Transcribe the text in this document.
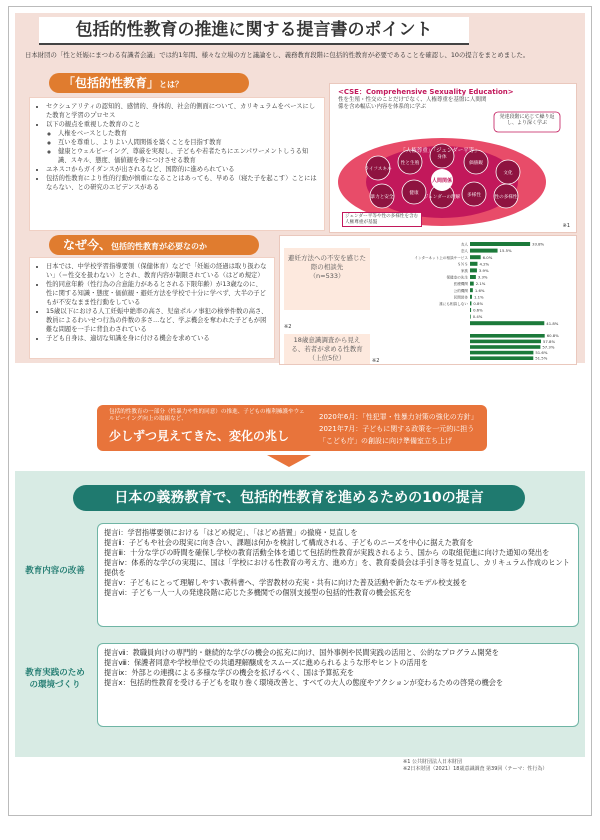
包括的性教育の推進に関する提言書のポイント
日本財団の「性と妊娠にまつわる有識者会議」では約1年間、様々な立場の方と議論をし、義務教育段階に包括的性教育が必要であることを確認し、10の提言をまとめました。
「包括的性教育」とは？
• セクシュアリティの認知的、感情的、身体的、社会的側面について、カリキュラムをベースにした教育と学習のプロセス
• 以下の観点を重視した教育のこと
◦ 人権をベースとした教育
◦ 互いを尊重し、よりよい人間関係を築くことを目指す教育
◦ 健康とウェルビーイング、尊厳を実現し、子どもや若者たちにエンパワーメントしうる知識、スキル、態度、価値観を身につけさせる教育
• ユネスコからガイダンスが出されるなど、国際的に進められている
• 包括的性教育により性的行動が慎重になることはあっても、早める（寝た子を起こす）ことにはならない、との研究のエビデンスがある
なぜ今、包括的性教育が必要なのか
• 日本では、中学校学習指導要領（保健体育）などで「妊娠の経過は取り扱わない」（＝性交を扱わない）とされ、教育内容が制限されている（はどめ規定）
• 性的同意年齢（性行為の合意能力があるとされる下限年齢）が13歳なのに、性に関する知識・態度・価値観・避妊方法を学校で十分に学べず、大半の子どもが不安なまま性行動をしている
• 15歳以下における人工妊娠中絶率の高さ、児童ポルノ事犯の検挙件数の高さ、教員によるわいせつ行為の件数の多さ…など、学ぶ機会を奪われた子どもが困難な問題を一手に背負わされている
• 子ども自身は、適切な知識を身に付ける機会を求めている
<CSE：Comprehensive Sexuality Education>
性を生殖・性交のことだけでなく、人権尊重を基盤に人間関係を含め幅広い内容を体系的に学ぶ
ライフスキル
性と生殖
身体
価値観
文化
健康
暴力と安全	ジェンダーの理解 多様性	性の多様性
人間関係
「人権尊重」「ジェンダー平等」
発達段階に応じて繰り返し、より深く学ぶ
ジェンダー平等や性の多様性を含む人権尊重が基盤
※1
避妊方法への不安を感じた際の相談先
（n=533）
友人	33.8%
恋人	15.5%
インターネット上の相談サービス	6.0%
ＳＮＳ	4.2%
家族	3.9%
保健室の先生	3.3%
医療機関 2.1%
公的機関 1.6%
民間団体 1.1%
誰にも相談しない 0.8%
0.6%
0.4%
41.8%
※2
18歳意識調査から見える、若者が求める性教育（上位5位）
60.8%
57.8%
57.3%
51.6%
51.5%
※2
包括的性教育の一部分（性暴力や性的同意）の推進、子どもの権利擁護やウェルビーイング向上の取組など、
少しずつ見えてきた、変化の兆し
2020年6月：「性犯罪・性暴力対策の強化の方針」
2021年7月：子どもに関する政策を一元的に担う「こども庁」の創設に向け準備室立ち上げ
日本の義務教育で、包括的性教育を進めるための10の提言
教育内容の改善

提言ⅰ：学習指導要領における「はどめ規定」、「はどめ措置」の撤廃・見直しを

提言ⅱ：子どもや社会の現実に向き合い、課題は何かを検討して構成される、子どものニーズを中心に据えた教育を

提言ⅲ：十分な学びの時間を確保し学校の教育活動全体を通じて包括的性教育が実践されるよう、国から の取組促進に向けた通知の発出を

提言ⅳ：体系的な学びの実現に、国は「学校における性教育の考え方、進め方」を、教育委員会は手引き等を見直し、カリキュラム作成のヒント提供を

提言ⅴ：子どもにとって理解しやすい教科書へ、学習教材の充実・共有に向けた普及活動や新たなモデル校支援を

提言ⅵ：子ども一人一人の発達段階に応じた多機関での個別支援型の包括的性教育の機会拡充を

教育実践のための環境づくり

提言ⅶ：教職員向けの専門的・継続的な学びの機会の拡充に向け、国外事例や民間実践の活用と、公的なプログラム開発を

提言ⅷ：保護者同意や学校単位での共通理解醸成をスムーズに進められるような形やヒントの活用を

提言ⅸ：外部との連携による多様な学びの機会を拡げるべく、国は予算拡充を

提言ⅹ：包括的性教育を受ける子どもを取り巻く環境改善と、すべての大人の態度やアクションが変わるための啓発の機会を

※1 公共財団法人日本財団
※2日本財団（2021）18歳意識調査 第39回（テーマ：性行為）
